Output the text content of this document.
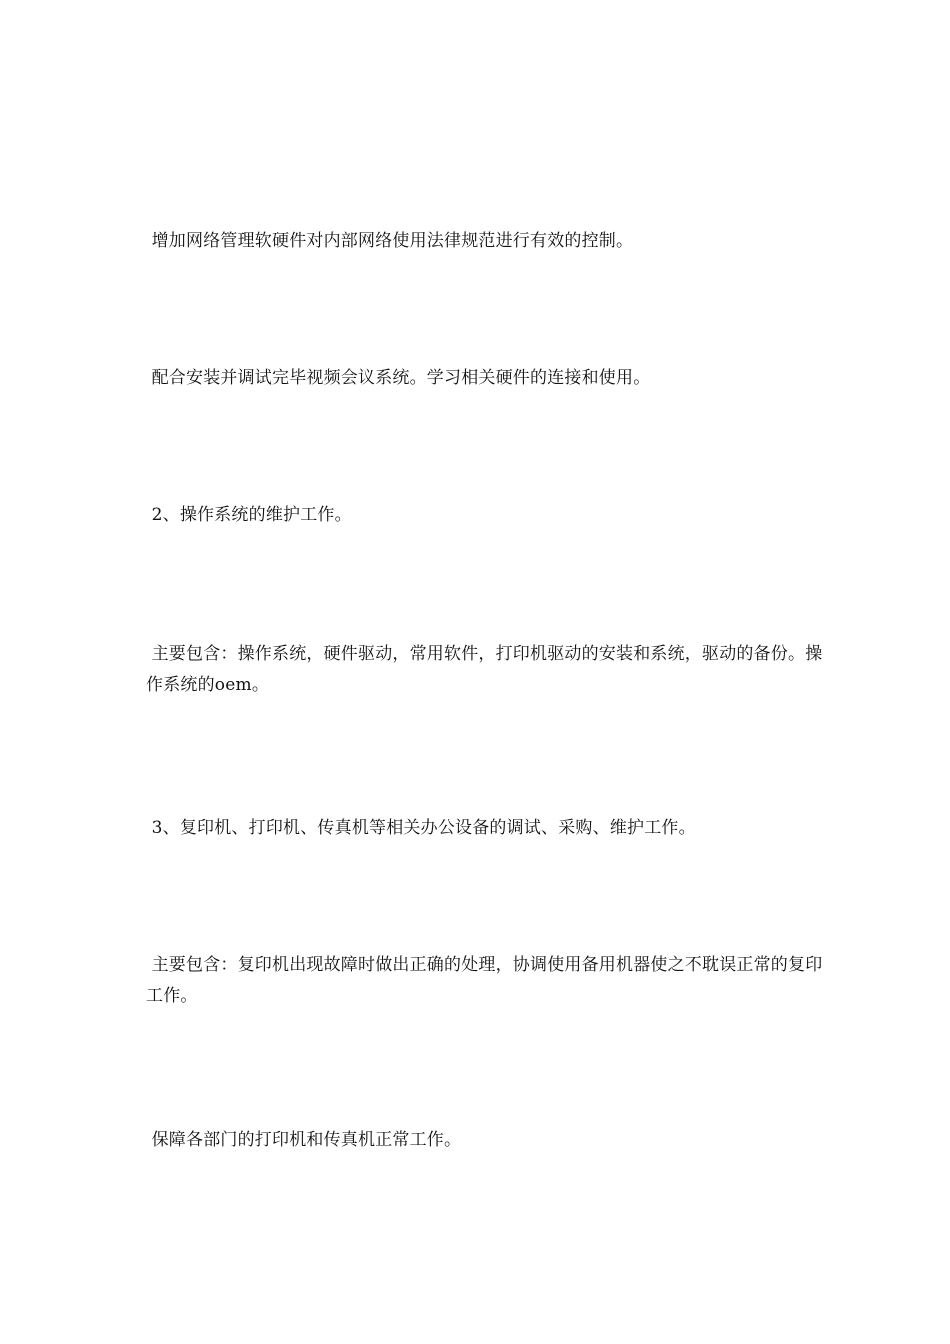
增加网络管理软硬件对内部网络使用法律规范进行有效的控制。

配合安装并调试完毕视频会议系统。学习相关硬件的连接和使用。

2、操作系统的维护工作。

主要包含：操作系统，硬件驱动，常用软件，打印机驱动的安装和系统，驱动的备份。操作系统的oem。

3、复印机、打印机、传真机等相关办公设备的调试、采购、维护工作。

主要包含：复印机出现故障时做出正确的处理，协调使用备用机器使之不耽误正常的复印工作。

保障各部门的打印机和传真机正常工作。
